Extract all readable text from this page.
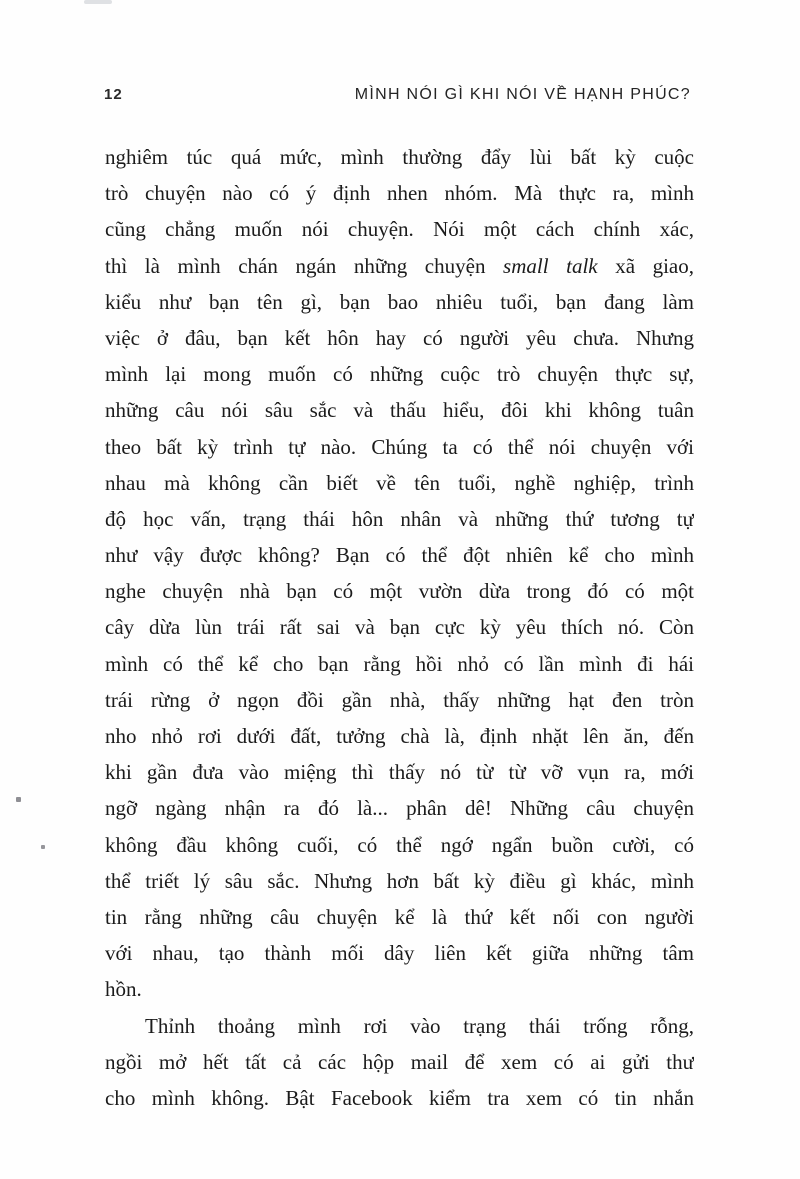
12	MÌNH NÓI GÌ KHI NÓI VỀ HẠNH PHÚC?
nghiêm túc quá mức, mình thường đẩy lùi bất kỳ cuộc
trò chuyện nào có ý định nhen nhóm. Mà thực ra, mình
cũng chẳng muốn nói chuyện. Nói một cách chính xác,
thì là mình chán ngán những chuyện small talk xã giao,
kiểu như bạn tên gì, bạn bao nhiêu tuổi, bạn đang làm
việc ở đâu, bạn kết hôn hay có người yêu chưa. Nhưng
mình lại mong muốn có những cuộc trò chuyện thực sự,
những câu nói sâu sắc và thấu hiểu, đôi khi không tuân
theo bất kỳ trình tự nào. Chúng ta có thể nói chuyện với
nhau mà không cần biết về tên tuổi, nghề nghiệp, trình
độ học vấn, trạng thái hôn nhân và những thứ tương tự
như vậy được không? Bạn có thể đột nhiên kể cho mình
nghe chuyện nhà bạn có một vườn dừa trong đó có một
cây dừa lùn trái rất sai và bạn cực kỳ yêu thích nó. Còn
mình có thể kể cho bạn rằng hồi nhỏ có lần mình đi hái
trái rừng ở ngọn đồi gần nhà, thấy những hạt đen tròn
nho nhỏ rơi dưới đất, tưởng chà là, định nhặt lên ăn, đến
khi gần đưa vào miệng thì thấy nó từ từ vỡ vụn ra, mới
ngỡ ngàng nhận ra đó là... phân dê! Những câu chuyện
không đầu không cuối, có thể ngớ ngẩn buồn cười, có
thể triết lý sâu sắc. Nhưng hơn bất kỳ điều gì khác, mình
tin rằng những câu chuyện kể là thứ kết nối con người
với nhau, tạo thành mối dây liên kết giữa những tâm
hồn.
Thỉnh thoảng mình rơi vào trạng thái trống rỗng,
ngồi mở hết tất cả các hộp mail để xem có ai gửi thư
cho mình không. Bật Facebook kiểm tra xem có tin nhắn
